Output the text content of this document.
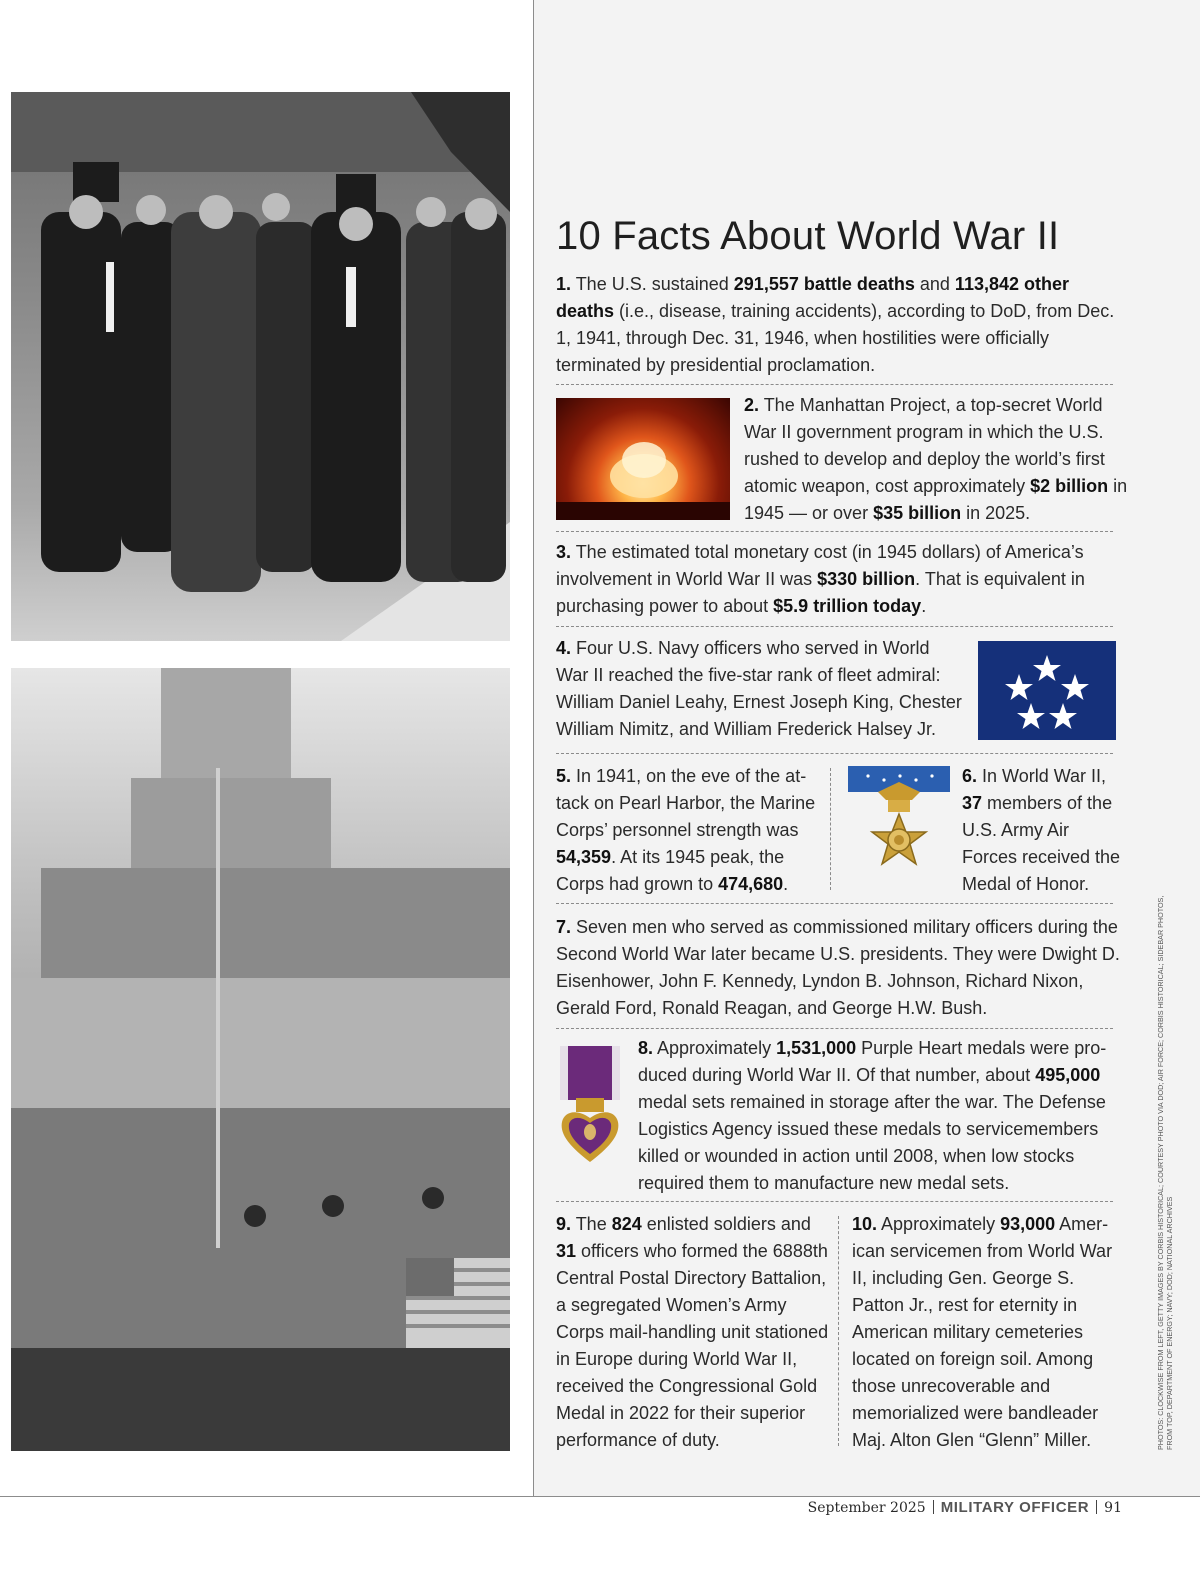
10 Facts About World War II
1. The U.S. sustained 291,557 battle deaths and 113,842 other deaths (i.e., disease, training accidents), according to DoD, from Dec. 1, 1941, through Dec. 31, 1946, when hostilities were officially terminated by presidential proclamation.
2. The Manhattan Project, a top-secret World War II government program in which the U.S. rushed to develop and deploy the world’s first atomic weapon, cost approximately $2 billion in 1945 — or over $35 billion in 2025.
3. The estimated total monetary cost (in 1945 dollars) of America’s involvement in World War II was $330 billion. That is equivalent in purchasing power to about $5.9 trillion today.
4. Four U.S. Navy officers who served in World War II reached the five-star rank of fleet admiral: William Daniel Leahy, Ernest Joseph King, Chester William Nimitz, and William Frederick Halsey Jr.
5. In 1941, on the eve of the attack on Pearl Harbor, the Marine Corps’ personnel strength was 54,359. At its 1945 peak, the Corps had grown to 474,680.
6. In World War II, 37 members of the U.S. Army Air Forces received the Medal of Honor.
7. Seven men who served as commissioned military officers during the Second World War later became U.S. presidents. They were Dwight D. Eisenhower, John F. Kennedy, Lyndon B. Johnson, Richard Nixon, Gerald Ford, Ronald Reagan, and George H.W. Bush.
8. Approximately 1,531,000 Purple Heart medals were produced during World War II. Of that number, about 495,000 medal sets remained in storage after the war. The Defense Logistics Agency issued these medals to servicemembers killed or wounded in action until 2008, when low stocks required them to manufacture new medal sets.
9. The 824 enlisted soldiers and 31 officers who formed the 6888th Central Postal Directory Battalion, a segregated Women’s Army Corps mail-handling unit stationed in Europe during World War II, received the Congressional Gold Medal in 2022 for their superior performance of duty.
10. Approximately 93,000 American servicemen from World War II, including Gen. George S. Patton Jr., rest for eternity in American military cemeteries located on foreign soil. Among those unrecoverable and memorialized were bandleader Maj. Alton Glen “Glenn” Miller.	PHOTOS: CLOCKWISE FROM LEFT, GETTY IMAGES BY CORBIS HISTORICAL; COURTESY PHOTO VIA DOD; AIR FORCE; CORBIS HISTORICAL; SIDEBAR PHOTOS, FROM TOP, DEPARTMENT OF ENERGY; NAVY; DOD; NATIONAL ARCHIVES
September 2025 MILITARY OFFICER 91
